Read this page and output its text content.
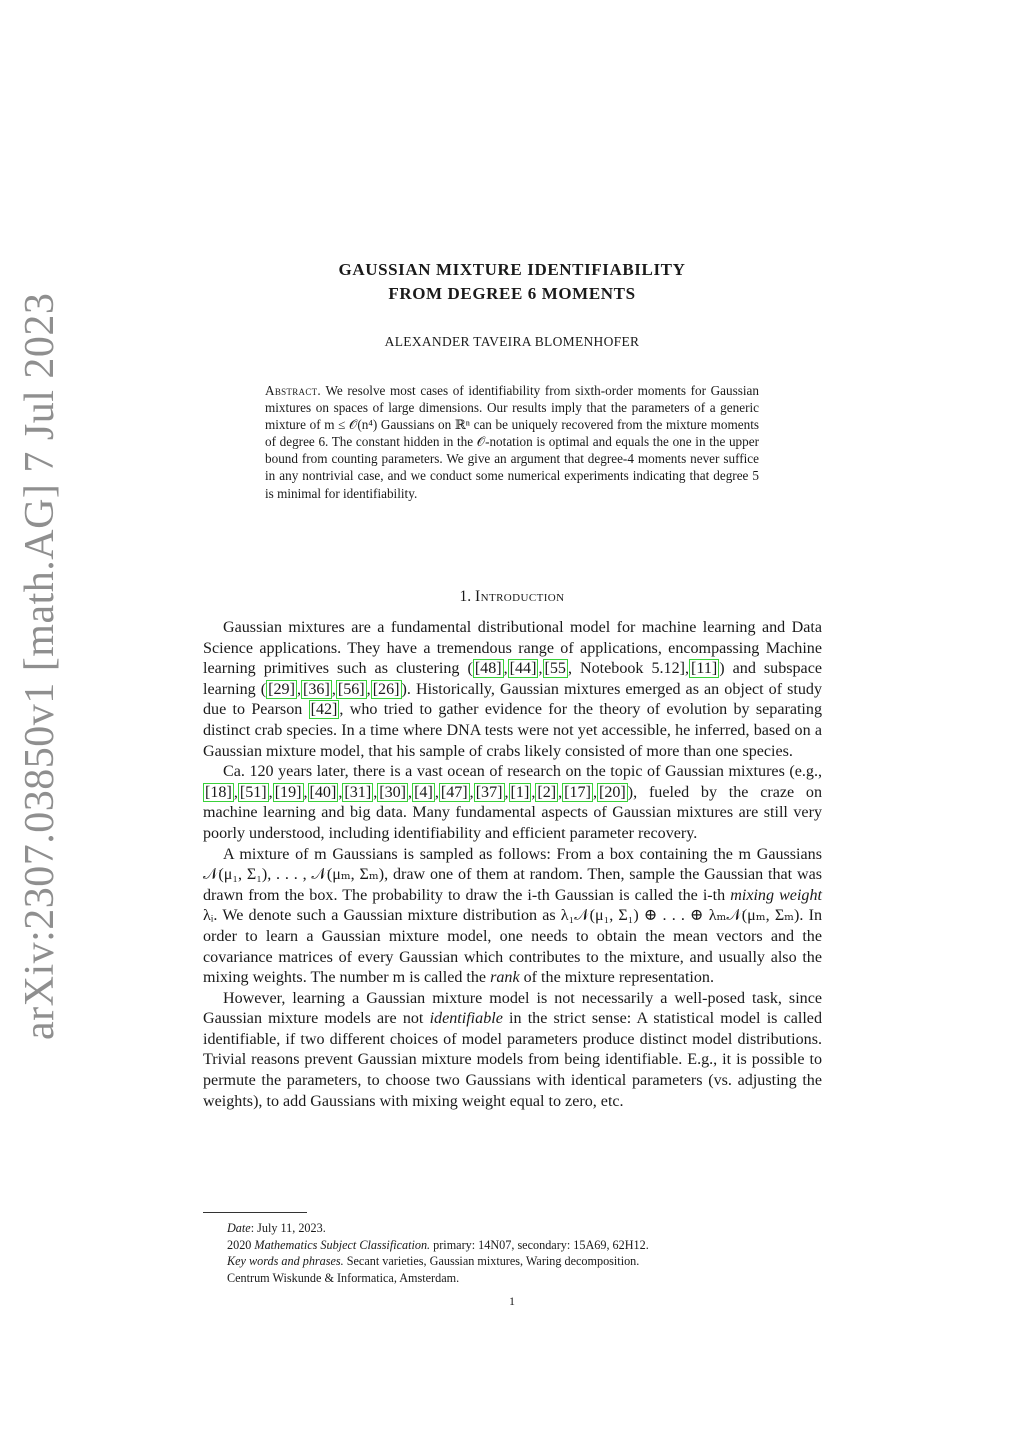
arXiv:2307.03850v1 [math.AG] 7 Jul 2023
GAUSSIAN MIXTURE IDENTIFIABILITY
FROM DEGREE 6 MOMENTS
ALEXANDER TAVEIRA BLOMENHOFER
Abstract. We resolve most cases of identifiability from sixth-order moments for Gaussian mixtures on spaces of large dimensions. Our results imply that the parameters of a generic mixture of m ≤ 𝒪(n⁴) Gaussians on ℝⁿ can be uniquely recovered from the mixture moments of degree 6. The constant hidden in the 𝒪-notation is optimal and equals the one in the upper bound from counting parameters. We give an argument that degree-4 moments never suffice in any nontrivial case, and we conduct some numerical experiments indicating that degree 5 is minimal for identifiability.
1. Introduction

Gaussian mixtures are a fundamental distributional model for machine learning and Data Science applications. They have a tremendous range of applications, encompassing Machine learning primitives such as clustering ( [48] , [44] , [55 , Notebook 5.12], [11] ) and subspace learning ( [29] , [36] , [56] , [26] ). Historically, Gaussian mixtures emerged as an object of study due to Pearson [42] , who tried to gather evidence for the theory of evolution by separating distinct crab species. In a time where DNA tests were not yet accessible, he inferred, based on a Gaussian mixture model, that his sample of crabs likely consisted of more than one species.

Ca. 120 years later, there is a vast ocean of research on the topic of Gaussian mixtures (e.g., [18] , [51] , [19] , [40] , [31] , [30] , [4] , [47] , [37] , [1] , [2] , [17] , [20] ), fueled by the craze on machine learning and big data. Many fundamental aspects of Gaussian mixtures are still very poorly understood, including identifiability and efficient parameter recovery.

A mixture of m Gaussians is sampled as follows: From a box containing the m Gaussians 𝒩(μ₁, Σ₁), . . . , 𝒩(μₘ, Σₘ), draw one of them at random. Then, sample the Gaussian that was drawn from the box. The probability to draw the i-th Gaussian is called the i-th mixing weight λᵢ. We denote such a Gaussian mixture distribution as λ₁𝒩(μ₁, Σ₁) ⊕ . . . ⊕ λₘ𝒩(μₘ, Σₘ). In order to learn a Gaussian mixture model, one needs to obtain the mean vectors and the covariance matrices of every Gaussian which contributes to the mixture, and usually also the mixing weights. The number m is called the rank of the mixture representation.

However, learning a Gaussian mixture model is not necessarily a well-posed task, since Gaussian mixture models are not identifiable in the strict sense: A statistical model is called identifiable, if two different choices of model parameters produce distinct model distributions. Trivial reasons prevent Gaussian mixture models from being identifiable. E.g., it is possible to permute the parameters, to choose two Gaussians with identical parameters (vs. adjusting the weights), to add Gaussians with mixing weight equal to zero, etc.

Date: July 11, 2023.
2020 Mathematics Subject Classification. primary: 14N07, secondary: 15A69, 62H12.
Key words and phrases. Secant varieties, Gaussian mixtures, Waring decomposition.
Centrum Wiskunde & Informatica, Amsterdam.
1
